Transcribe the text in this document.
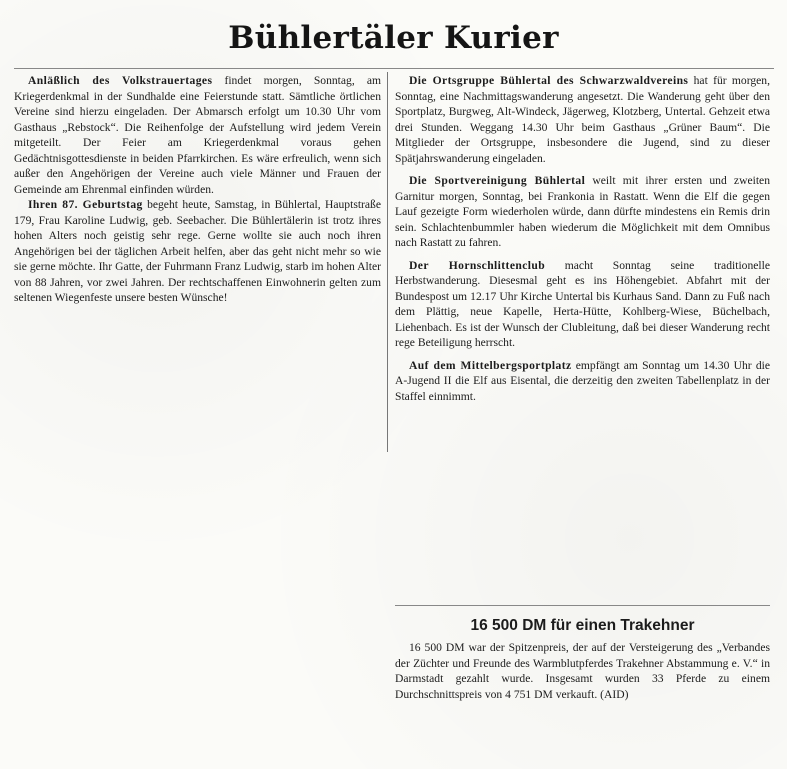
Bühlertäler Kurier

Anläßlich des Volkstrauertages findet morgen, Sonntag, am Kriegerdenkmal in der Sundhalde eine Feierstunde statt. Sämtliche örtlichen Vereine sind hierzu eingeladen. Der Abmarsch erfolgt um 10.30 Uhr vom Gasthaus „Rebstock“. Die Reihenfolge der Aufstellung wird jedem Verein mitgeteilt. Der Feier am Kriegerdenkmal voraus gehen Gedächtnisgottesdienste in beiden Pfarrkirchen. Es wäre erfreulich, wenn sich außer den Angehörigen der Vereine auch viele Männer und Frauen der Gemeinde am Ehrenmal einfinden würden.

Ihren 87. Geburtstag begeht heute, Samstag, in Bühlertal, Hauptstraße 179, Frau Karoline Ludwig, geb. Seebacher. Die Bühlertälerin ist trotz ihres hohen Alters noch geistig sehr rege. Gerne wollte sie auch noch ihren Angehörigen bei der täglichen Arbeit helfen, aber das geht nicht mehr so wie sie gerne möchte. Ihr Gatte, der Fuhrmann Franz Ludwig, starb im hohen Alter von 88 Jahren, vor zwei Jahren. Der rechtschaffenen Einwohnerin gelten zum seltenen Wiegenfeste unsere besten Wünsche!

Die Ortsgruppe Bühlertal des Schwarzwaldvereins hat für morgen, Sonntag, eine Nachmittagswanderung angesetzt. Die Wanderung geht über den Sportplatz, Burgweg, Alt-Windeck, Jägerweg, Klotzberg, Untertal. Gehzeit etwa drei Stunden. Weggang 14.30 Uhr beim Gasthaus „Grüner Baum“. Die Mitglieder der Ortsgruppe, insbesondere die Jugend, sind zu dieser Spätjahrswanderung eingeladen.

Die Sportvereinigung Bühlertal weilt mit ihrer ersten und zweiten Garnitur morgen, Sonntag, bei Frankonia in Rastatt. Wenn die Elf die gegen Lauf gezeigte Form wiederholen würde, dann dürfte mindestens ein Remis drin sein. Schlachtenbummler haben wiederum die Möglichkeit mit dem Omnibus nach Rastatt zu fahren.

Der Hornschlittenclub macht Sonntag seine traditionelle Herbstwanderung. Diesesmal geht es ins Höhengebiet. Abfahrt mit der Bundespost um 12.17 Uhr Kirche Untertal bis Kurhaus Sand. Dann zu Fuß nach dem Plättig, neue Kapelle, Herta-Hütte, Kohlberg-Wiese, Büchelbach, Liehenbach. Es ist der Wunsch der Clubleitung, daß bei dieser Wanderung recht rege Beteiligung herrscht.

Auf dem Mittelbergsportplatz empfängt am Sonntag um 14.30 Uhr die A-Jugend II die Elf aus Eisental, die derzeitig den zweiten Tabellenplatz in der Staffel einnimmt.

16 500 DM für einen Trakehner

16 500 DM war der Spitzenpreis, der auf der Versteigerung des „Verbandes der Züchter und Freunde des Warmblutpferdes Trakehner Abstammung e. V.“ in Darmstadt gezahlt wurde. Insgesamt wurden 33 Pferde zu einem Durchschnittspreis von 4 751 DM verkauft. (AID)
